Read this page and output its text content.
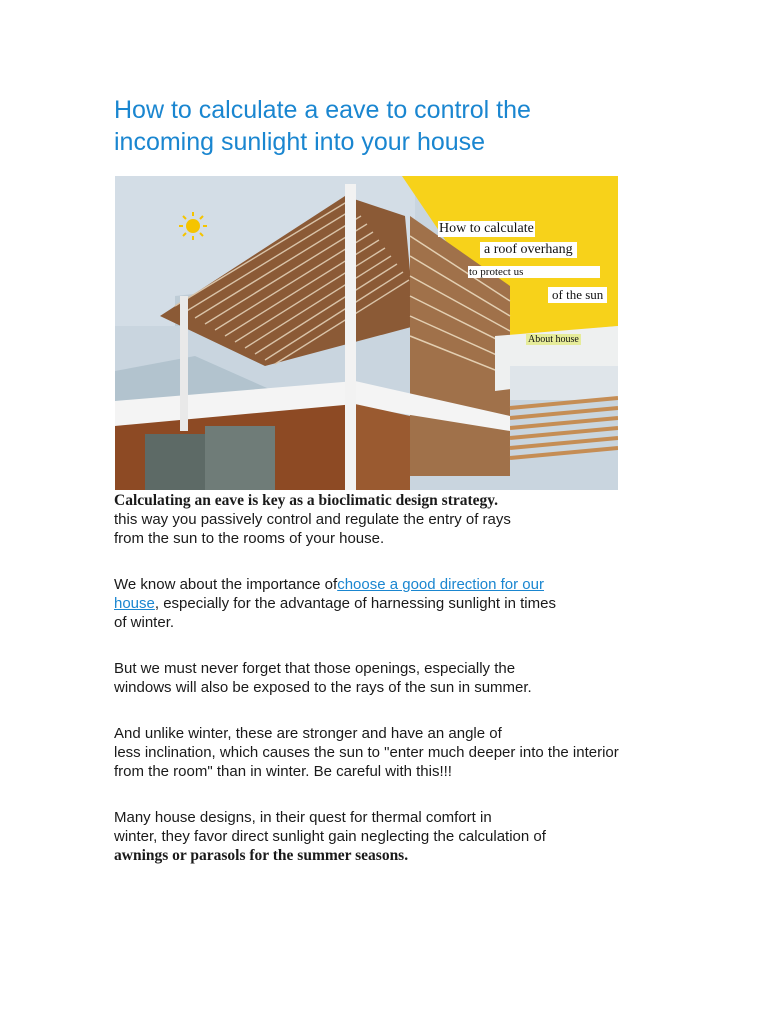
How to calculate a eave to control the incoming sunlight into your house
How to calculate
a roof overhang
to protect us
of the sun
About house
Calculating an eave is key as a bioclimatic design strategy.
this way you passively control and regulate the entry of rays
from the sun to the rooms of your house.
We know about the importance ofchoose a good direction for our
house, especially for the advantage of harnessing sunlight in times
of winter.
But we must never forget that those openings, especially the
windows will also be exposed to the rays of the sun in summer.
And unlike winter, these are stronger and have an angle of
less inclination, which causes the sun to "enter much deeper into the interior
from the room" than in winter. Be careful with this!!!
Many house designs, in their quest for thermal comfort in
winter, they favor direct sunlight gain neglecting the calculation of
awnings or parasols for the summer seasons.
